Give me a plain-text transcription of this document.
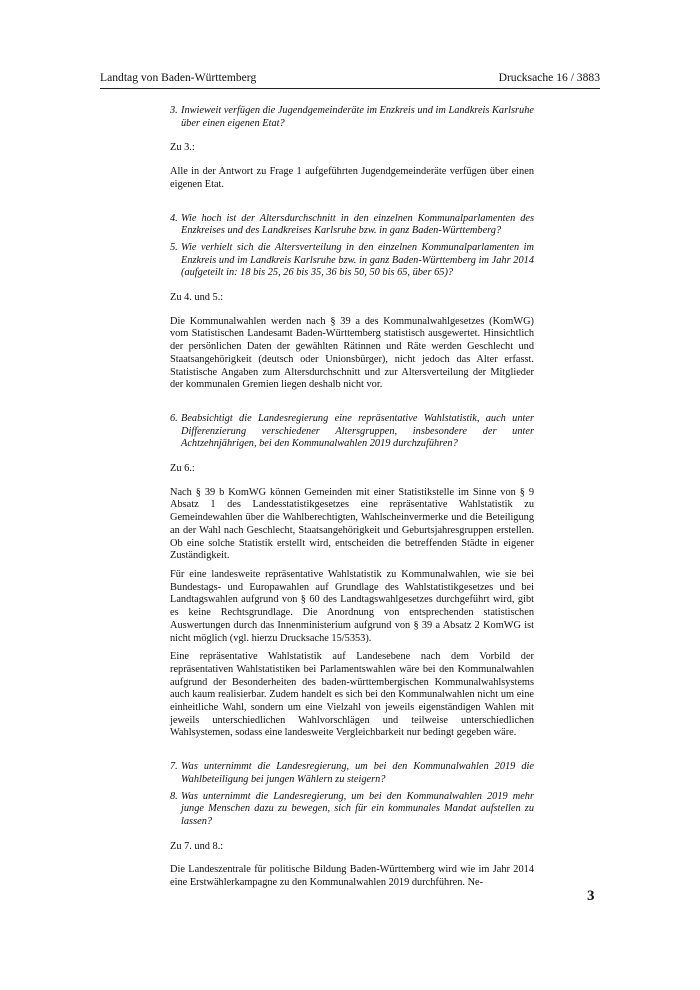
Landtag von Baden-Württemberg	Drucksache 16 / 3883
3. Inwieweit verfügen die Jugendgemeinderäte im Enzkreis und im Landkreis Karlsruhe über einen eigenen Etat?

Zu 3.:

Alle in der Antwort zu Frage 1 aufgeführten Jugendgemeinderäte verfügen über einen eigenen Etat.

4. Wie hoch ist der Altersdurchschnitt in den einzelnen Kommunalparlamenten des Enzkreises und des Landkreises Karlsruhe bzw. in ganz Baden-Württemberg?
5. Wie verhielt sich die Altersverteilung in den einzelnen Kommunalparlamenten im Enzkreis und im Landkreis Karlsruhe bzw. in ganz Baden-Württemberg im Jahr 2014 (aufgeteilt in: 18 bis 25, 26 bis 35, 36 bis 50, 50 bis 65, über 65)?

Zu 4. und 5.:

Die Kommunalwahlen werden nach § 39 a des Kommunalwahlgesetzes (KomWG) vom Statistischen Landesamt Baden-Württemberg statistisch ausgewertet. Hinsichtlich der persönlichen Daten der gewählten Rätinnen und Räte werden Geschlecht und Staatsangehörigkeit (deutsch oder Unionsbürger), nicht jedoch das Alter erfasst. Statistische Angaben zum Altersdurchschnitt und zur Altersverteilung der Mitglieder der kommunalen Gremien liegen deshalb nicht vor.

6. Beabsichtigt die Landesregierung eine repräsentative Wahlstatistik, auch unter Differenzierung verschiedener Altersgruppen, insbesondere der unter Achtzehnjährigen, bei den Kommunalwahlen 2019 durchzuführen?

Zu 6.:

Nach § 39 b KomWG können Gemeinden mit einer Statistikstelle im Sinne von § 9 Absatz 1 des Landesstatistikgesetzes eine repräsentative Wahlstatistik zu Gemeindewahlen über die Wahlberechtigten, Wahlscheinvermerke und die Beteiligung an der Wahl nach Geschlecht, Staatsangehörigkeit und Geburtsjahresgruppen erstellen. Ob eine solche Statistik erstellt wird, entscheiden die betreffenden Städte in eigener Zuständigkeit.

Für eine landesweite repräsentative Wahlstatistik zu Kommunalwahlen, wie sie bei Bundestags- und Europawahlen auf Grundlage des Wahlstatistikgesetzes und bei Landtagswahlen aufgrund von § 60 des Landtagswahlgesetzes durchgeführt wird, gibt es keine Rechtsgrundlage. Die Anordnung von entsprechenden statistischen Auswertungen durch das Innenministerium aufgrund von § 39 a Absatz 2 KomWG ist nicht möglich (vgl. hierzu Drucksache 15/5353).

Eine repräsentative Wahlstatistik auf Landesebene nach dem Vorbild der repräsentativen Wahlstatistiken bei Parlamentswahlen wäre bei den Kommunalwahlen aufgrund der Besonderheiten des baden-württembergischen Kommunalwahlsystems auch kaum realisierbar. Zudem handelt es sich bei den Kommunalwahlen nicht um eine einheitliche Wahl, sondern um eine Vielzahl von jeweils eigenständigen Wahlen mit jeweils unterschiedlichen Wahlvorschlägen und teilweise unterschiedlichen Wahlsystemen, sodass eine landesweite Vergleichbarkeit nur bedingt gegeben wäre.

7. Was unternimmt die Landesregierung, um bei den Kommunalwahlen 2019 die Wahlbeteiligung bei jungen Wählern zu steigern?
8. Was unternimmt die Landesregierung, um bei den Kommunalwahlen 2019 mehr junge Menschen dazu zu bewegen, sich für ein kommunales Mandat aufstellen zu lassen?

Zu 7. und 8.:

Die Landeszentrale für politische Bildung Baden-Württemberg wird wie im Jahr 2014 eine Erstwählerkampagne zu den Kommunalwahlen 2019 durchführen. Ne-

3
